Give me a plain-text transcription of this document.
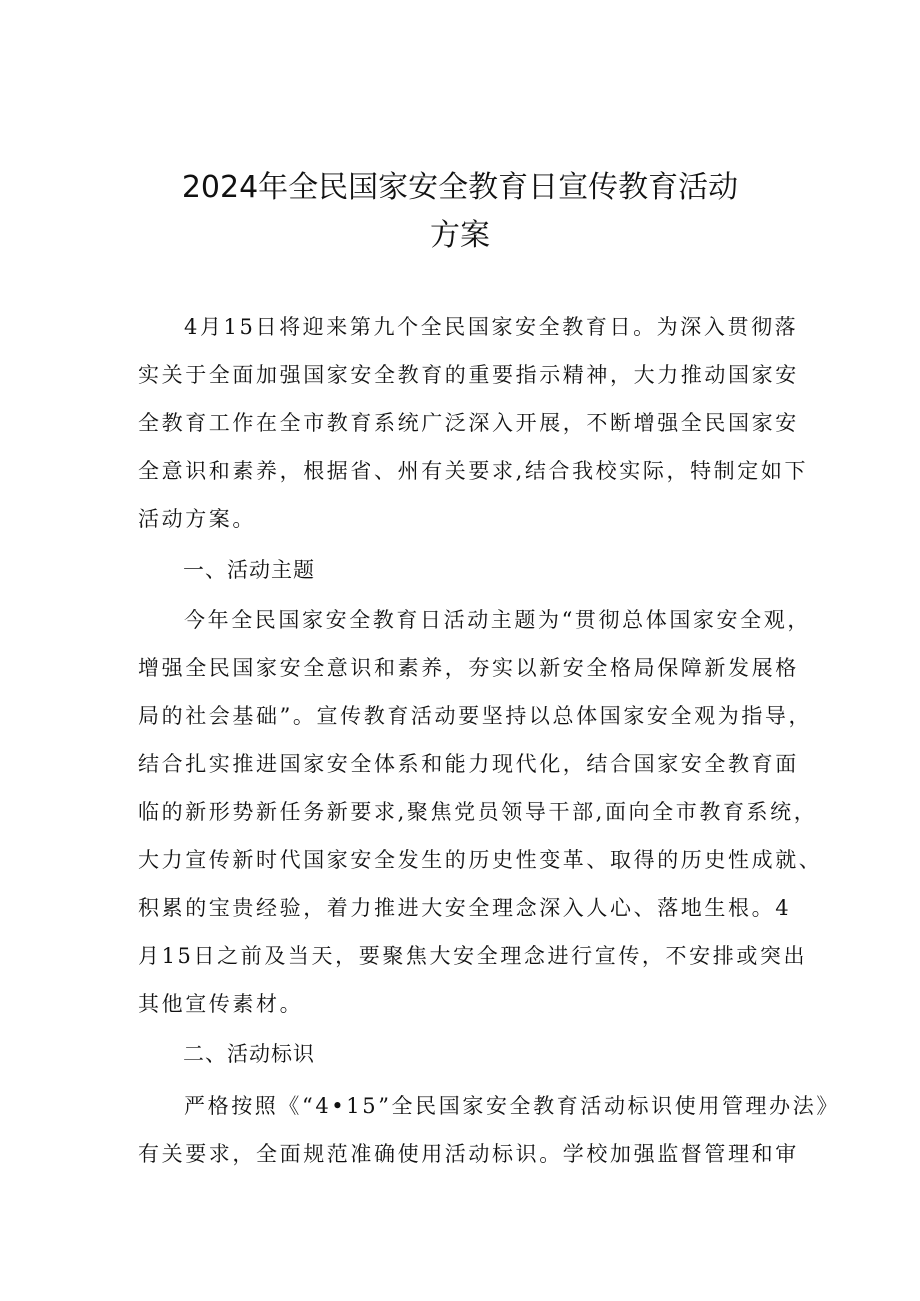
2024年全民国家安全教育日宣传教育活动
方案
4月15日将迎来第九个全民国家安全教育日。为深入贯彻落
实关于全面加强国家安全教育的重要指示精神，大力推动国家安
全教育工作在全市教育系统广泛深入开展，不断增强全民国家安
全意识和素养，根据省、州有关要求,结合我校实际，特制定如下
活动方案。
一、活动主题
今年全民国家安全教育日活动主题为“贯彻总体国家安全观，
增强全民国家安全意识和素养，夯实以新安全格局保障新发展格
局的社会基础”。宣传教育活动要坚持以总体国家安全观为指导，
结合扎实推进国家安全体系和能力现代化，结合国家安全教育面
临的新形势新任务新要求,聚焦党员领导干部,面向全市教育系统，
大力宣传新时代国家安全发生的历史性变革、取得的历史性成就、
积累的宝贵经验，着力推进大安全理念深入人心、落地生根。4
月15日之前及当天，要聚焦大安全理念进行宣传，不安排或突出
其他宣传素材。
二、活动标识
严格按照《“4•15”全民国家安全教育活动标识使用管理办法》
有关要求，全面规范准确使用活动标识。学校加强监督管理和审
